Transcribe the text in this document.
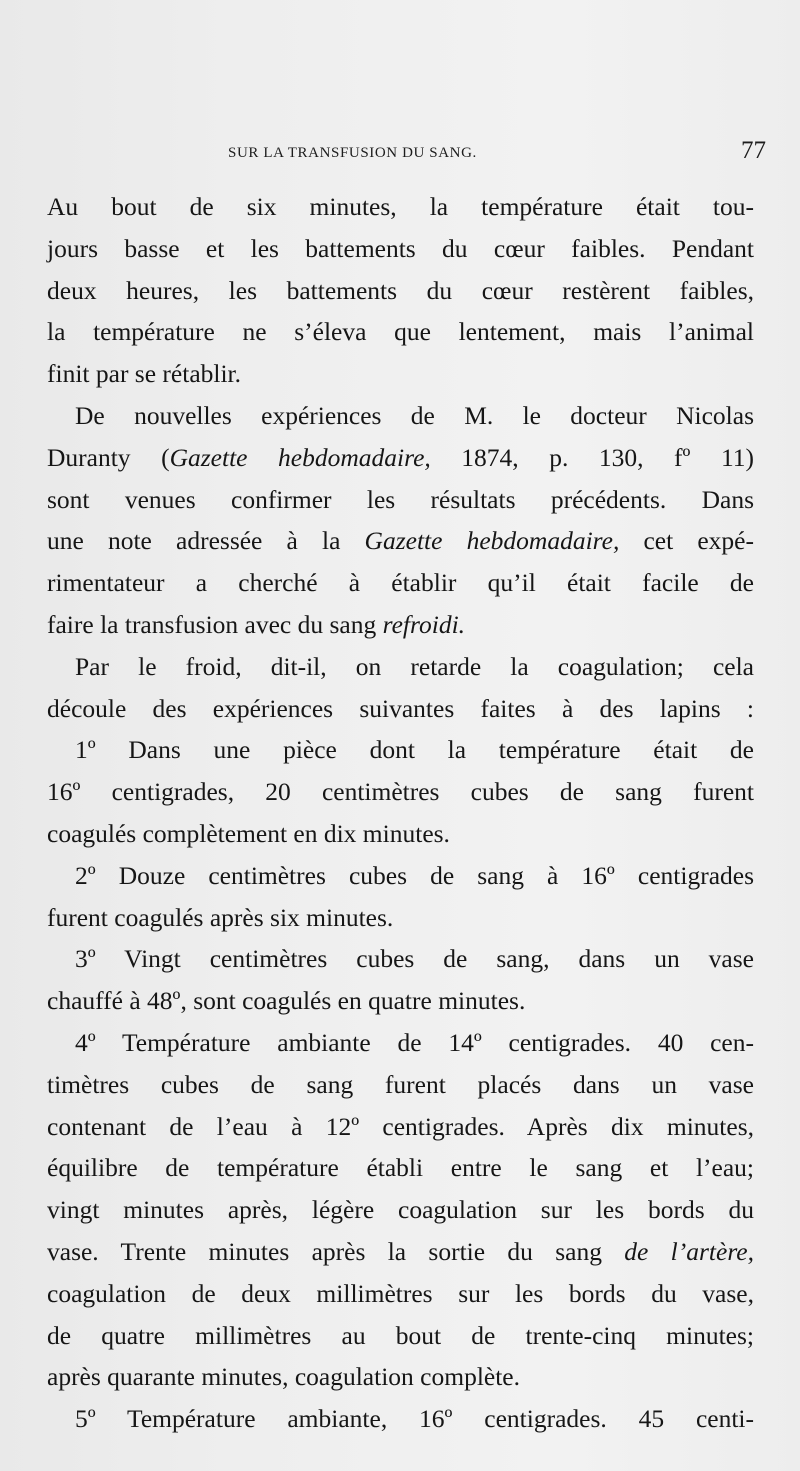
SUR LA TRANSFUSION DU SANG.	77
Au bout de six minutes, la température était tou-
jours basse et les battements du cœur faibles. Pendant
deux heures, les battements du cœur restèrent faibles,
la température ne s’éleva que lentement, mais l’animal
finit par se rétablir.
De nouvelles expériences de M. le docteur Nicolas
Duranty (Gazette hebdomadaire, 1874, p. 130, fº 11)
sont venues confirmer les résultats précédents. Dans
une note adressée à la Gazette hebdomadaire, cet expé-
rimentateur a cherché à établir qu’il était facile de
faire la transfusion avec du sang refroidi.
Par le froid, dit-il, on retarde la coagulation; cela
découle des expériences suivantes faites à des lapins :
1º Dans une pièce dont la température était de
16º centigrades, 20 centimètres cubes de sang furent
coagulés complètement en dix minutes.
2º Douze centimètres cubes de sang à 16º centigrades
furent coagulés après six minutes.
3º Vingt centimètres cubes de sang, dans un vase
chauffé à 48º, sont coagulés en quatre minutes.
4º Température ambiante de 14º centigrades. 40 cen-
timètres cubes de sang furent placés dans un vase
contenant de l’eau à 12º centigrades. Après dix minutes,
équilibre de température établi entre le sang et l’eau;
vingt minutes après, légère coagulation sur les bords du
vase. Trente minutes après la sortie du sang de l’artère,
coagulation de deux millimètres sur les bords du vase,
de quatre millimètres au bout de trente-cinq minutes;
après quarante minutes, coagulation complète.
5º Température ambiante, 16º centigrades. 45 centi-
